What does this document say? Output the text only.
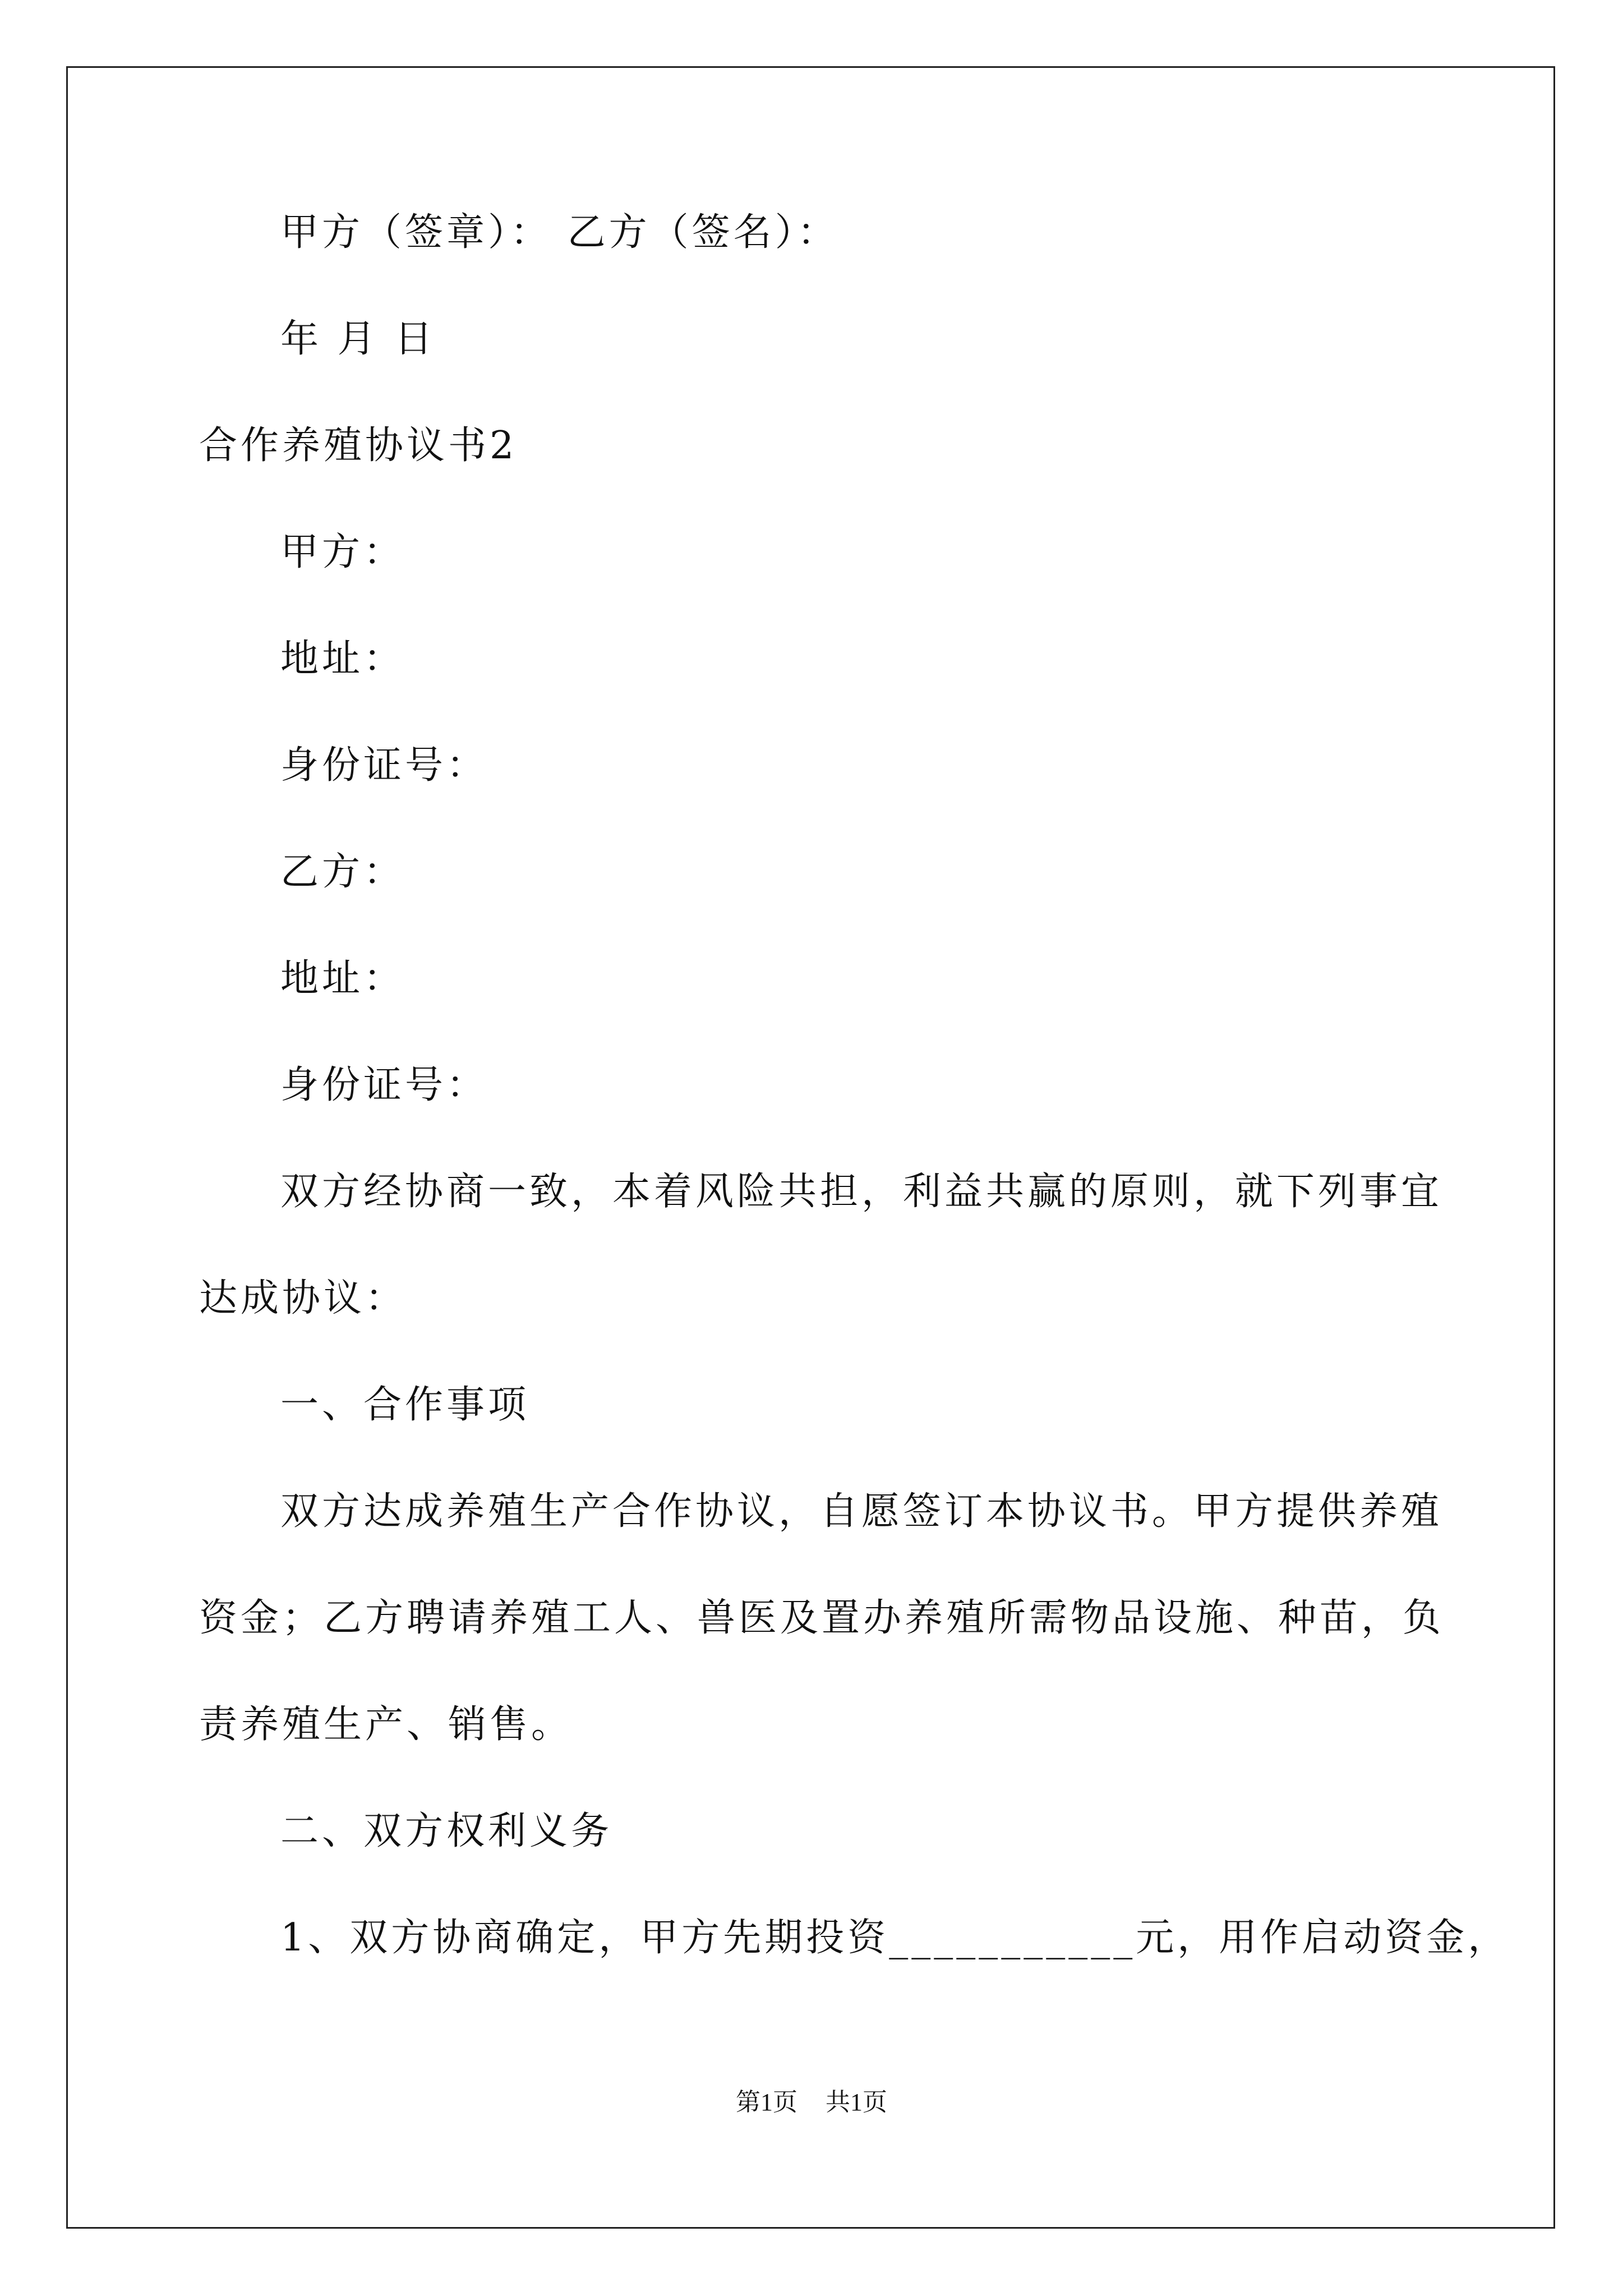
甲方（签章）： 乙方（签名）：
年 月 日
合作养殖协议书2
甲方：
地址：
身份证号：
乙方：
地址：
身份证号：
双方经协商一致，本着风险共担，利益共赢的原则，就下列事宜
达成协议：
一、合作事项
双方达成养殖生产合作协议，自愿签订本协议书。甲方提供养殖
资金；乙方聘请养殖工人、兽医及置办养殖所需物品设施、种苗，负
责养殖生产、销售。
二、双方权利义务
1、双方协商确定，甲方先期投资___________元，用作启动资金，
第1页 共1页
